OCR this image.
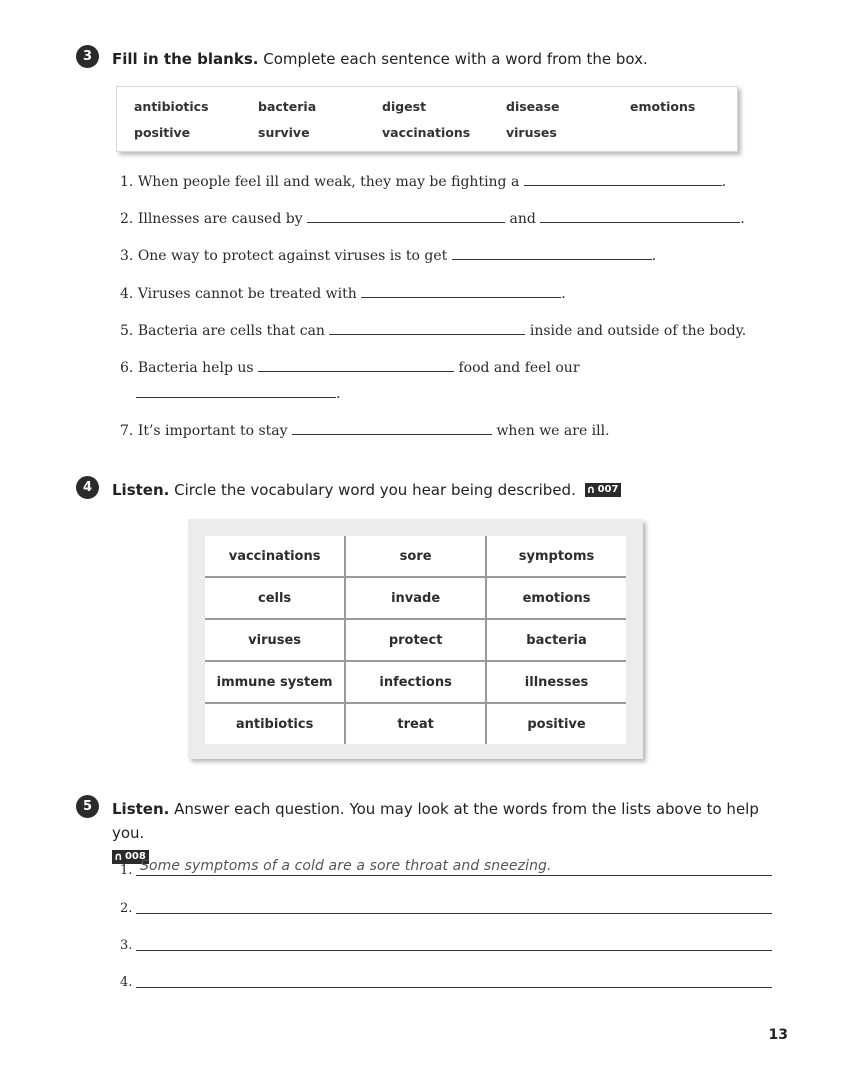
3	Fill in the blanks. Complete each sentence with a word from the box.
antibiotics	bacteria	digest	disease	emotions
positive	survive	vaccinations	viruses
1. When people feel ill and weak, they may be fighting a	.
2. Illnesses are caused by	and	.
3. One way to protect against viruses is to get	.
4. Viruses cannot be treated with	.
5. Bacteria are cells that can	inside and outside of the body.
6. Bacteria help us	food and feel our
.
7. It’s important to stay	when we are ill.
4	Listen. Circle the vocabulary word you hear being described. ∩ 007
vaccinations	sore	symptoms
cells	invade	emotions
viruses	protect	bacteria
immune system	infections	illnesses
antibiotics	treat	positive
5	Listen. Answer each question. You may look at the words from the lists above to help you.

∩ 008
1. Some symptoms of a cold are a sore throat and sneezing.
2.
3.
4.
13
